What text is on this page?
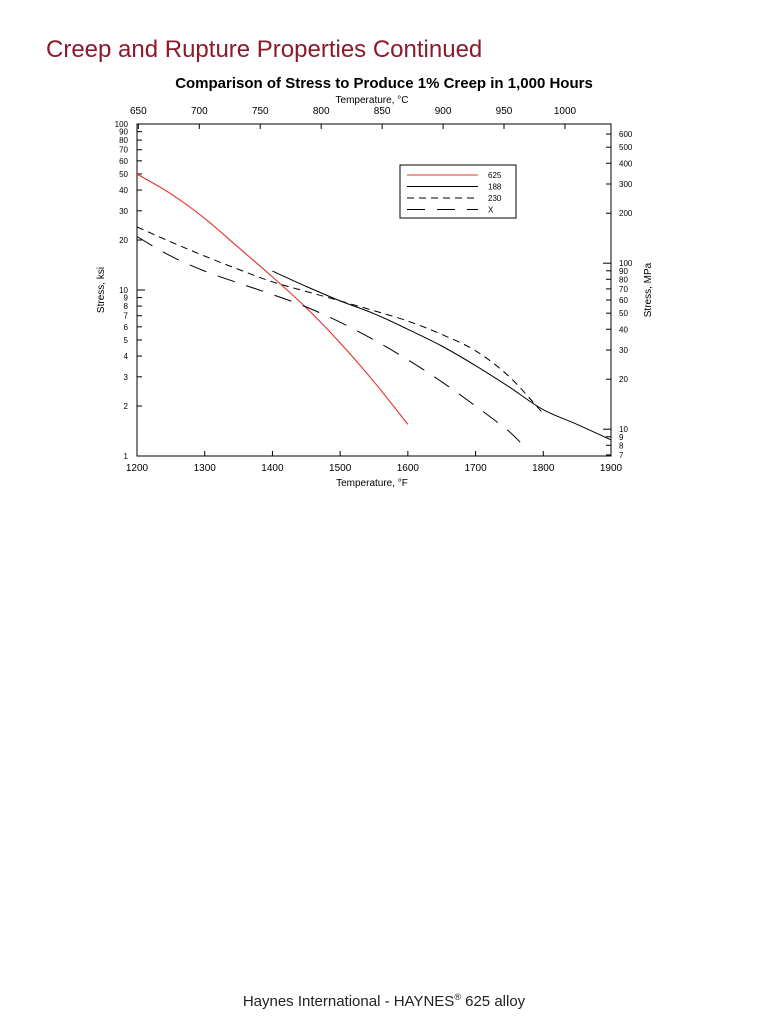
Creep and Rupture Properties Continued
Comparison of Stress to Produce 1% Creep in 1,000 Hours
Temperature, °C
Temperature, °F
Stress, ksi	Stress, MPa
1200	1300	1400	1500	1600	1700	1800	1900
650	700	750	800	850	900	950	1000
1
2
3
4
5
6
7
8
9
10
20
30
40
50
60
70
80
90
100
7
8
9
10
20
30
40
50
60
70
80
90
100
200
300
400
500
600
625
188
230
X
Haynes International - HAYNES® 625 alloy
